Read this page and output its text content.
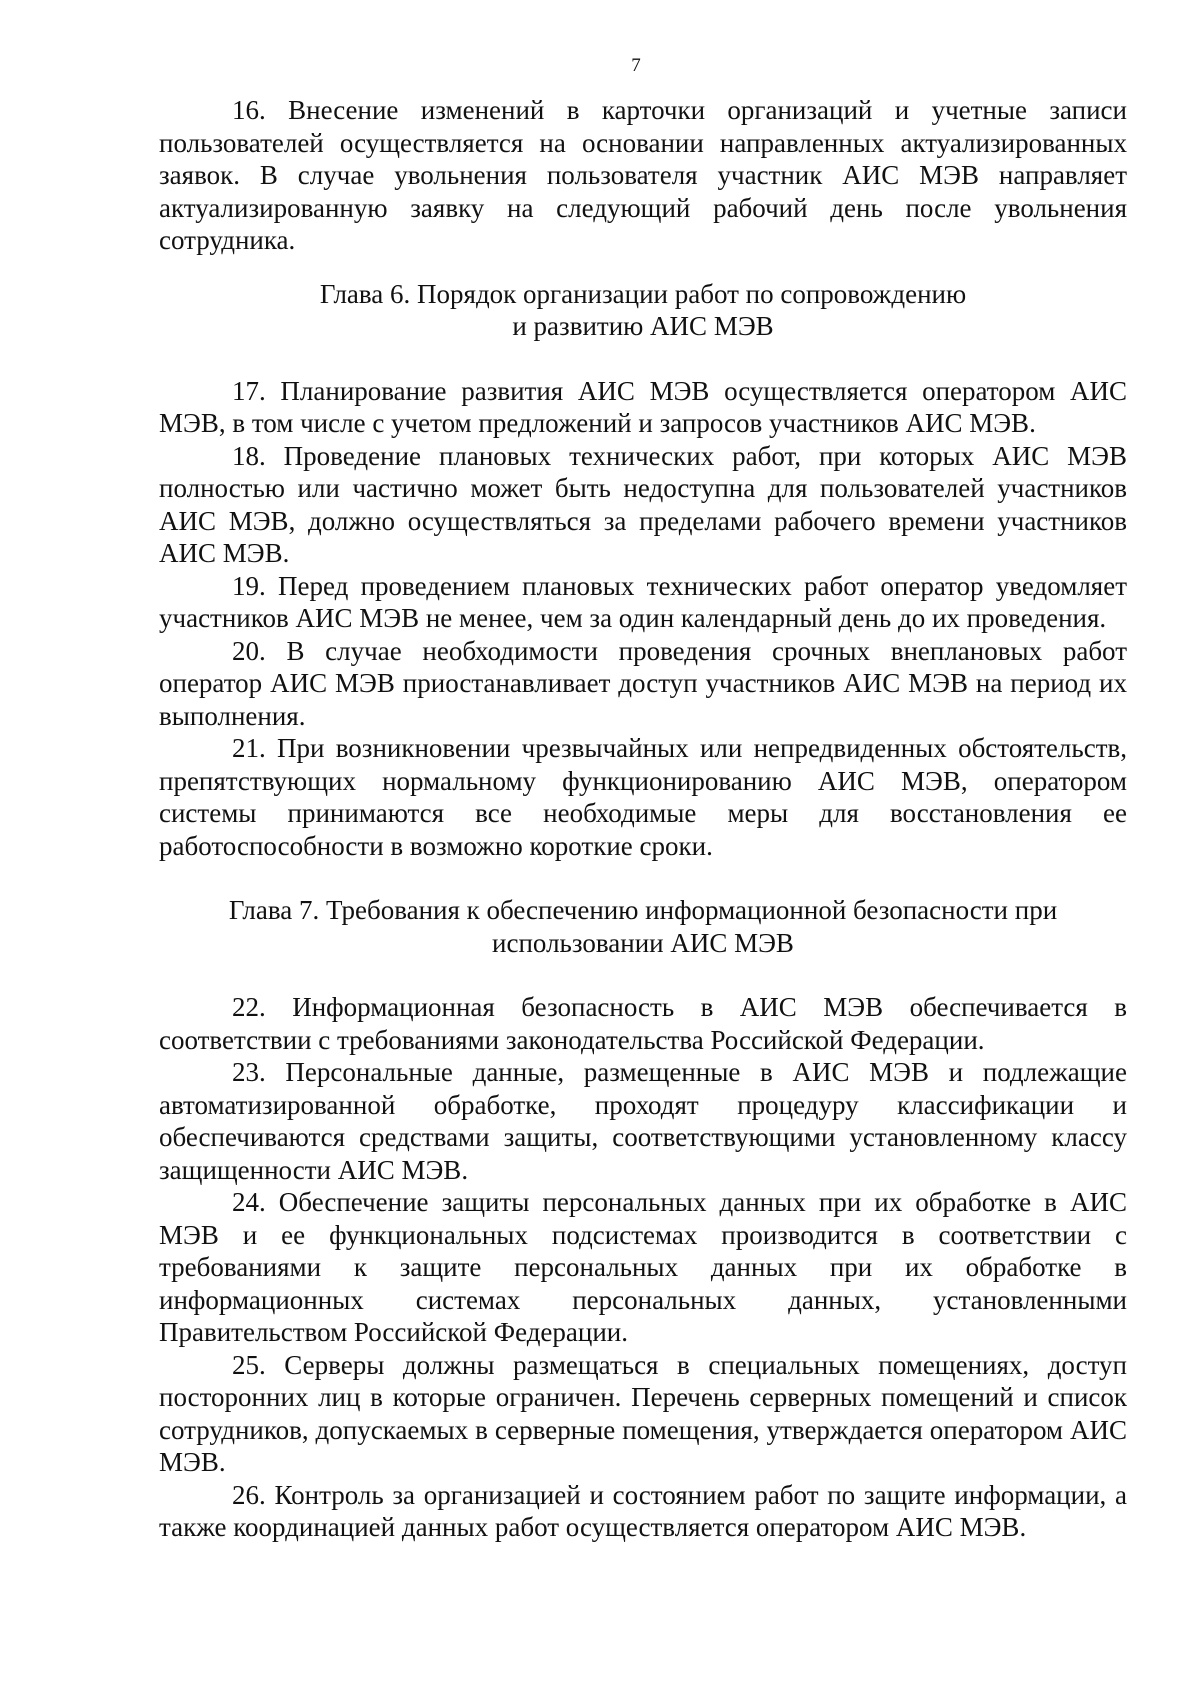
7

16. Внесение изменений в карточки организаций и учетные записи пользователей осуществляется на основании направленных актуализированных заявок. В случае увольнения пользователя участник АИС МЭВ направляет актуализированную заявку на следующий рабочий день после увольнения сотрудника.

Глава 6. Порядок организации работ по сопровождению
и развитию АИС МЭВ

17. Планирование развития АИС МЭВ осуществляется оператором АИС МЭВ, в том числе с учетом предложений и запросов участников АИС МЭВ.

18. Проведение плановых технических работ, при которых АИС МЭВ полностью или частично может быть недоступна для пользователей участников АИС МЭВ, должно осуществляться за пределами рабочего времени участников АИС МЭВ.

19. Перед проведением плановых технических работ оператор уведомляет участников АИС МЭВ не менее, чем за один календарный день до их проведения.

20. В случае необходимости проведения срочных внеплановых работ оператор АИС МЭВ приостанавливает доступ участников АИС МЭВ на период их выполнения.

21. При возникновении чрезвычайных или непредвиденных обстоятельств, препятствующих нормальному функционированию АИС МЭВ, оператором системы принимаются все необходимые меры для восстановления ее работоспособности в возможно короткие сроки.

Глава 7. Требования к обеспечению информационной безопасности при
использовании АИС МЭВ

22. Информационная безопасность в АИС МЭВ обеспечивается в соответствии с требованиями законодательства Российской Федерации.

23. Персональные данные, размещенные в АИС МЭВ и подлежащие автоматизированной обработке, проходят процедуру классификации и обеспечиваются средствами защиты, соответствующими установленному классу защищенности АИС МЭВ.

24. Обеспечение защиты персональных данных при их обработке в АИС МЭВ и ее функциональных подсистемах производится в соответствии с требованиями к защите персональных данных при их обработке в информационных системах персональных данных, установленными Правительством Российской Федерации.

25. Серверы должны размещаться в специальных помещениях, доступ посторонних лиц в которые ограничен. Перечень серверных помещений и список сотрудников, допускаемых в серверные помещения, утверждается оператором АИС МЭВ.

26. Контроль за организацией и состоянием работ по защите информации, а также координацией данных работ осуществляется оператором АИС МЭВ.
